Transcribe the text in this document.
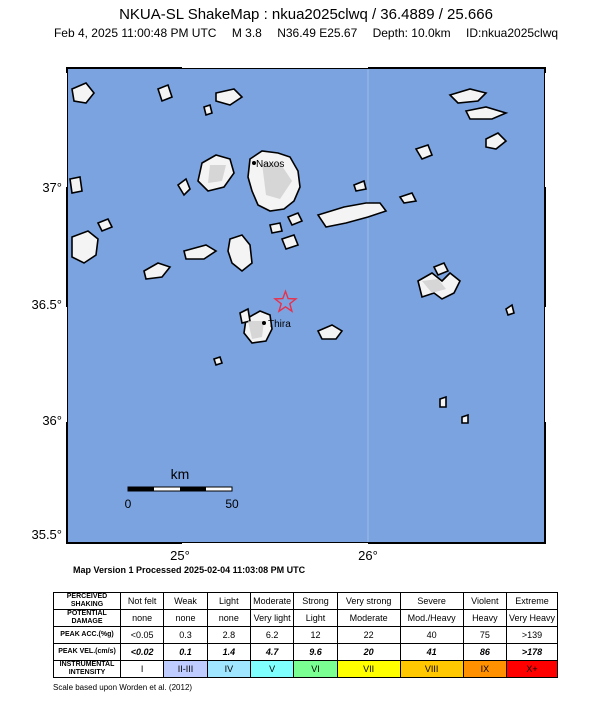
NKUA-SL ShakeMap : nkua2025clwq / 36.4889 / 25.666
Feb 4, 2025 11:00:48 PM UTC M 3.8 N36.49 E25.67 Depth: 10.0km ID:nkua2025clwq
Naxos
Thira
km
0	50
37°
36.5°
36°
35.5°
25°	26°
Map Version 1 Processed 2025-02-04 11:03:08 PM UTC
PERCEIVED SHAKING	Not felt	Weak	Light	Moderate	Strong	Very strong	Severe	Violent	Extreme
POTENTIAL DAMAGE	none	none	none	Very light	Light	Moderate	Mod./Heavy	Heavy	Very Heavy
PEAK ACC.(%g)	<0.05	0.3	2.8	6.2	12	22	40	75	>139
PEAK VEL.(cm/s)	<0.02	0.1	1.4	4.7	9.6	20	41	86	>178
INSTRUMENTAL INTENSITY	I	II-III	IV	V	VI	VII	VIII	IX	X+
Scale based upon Worden et al. (2012)
